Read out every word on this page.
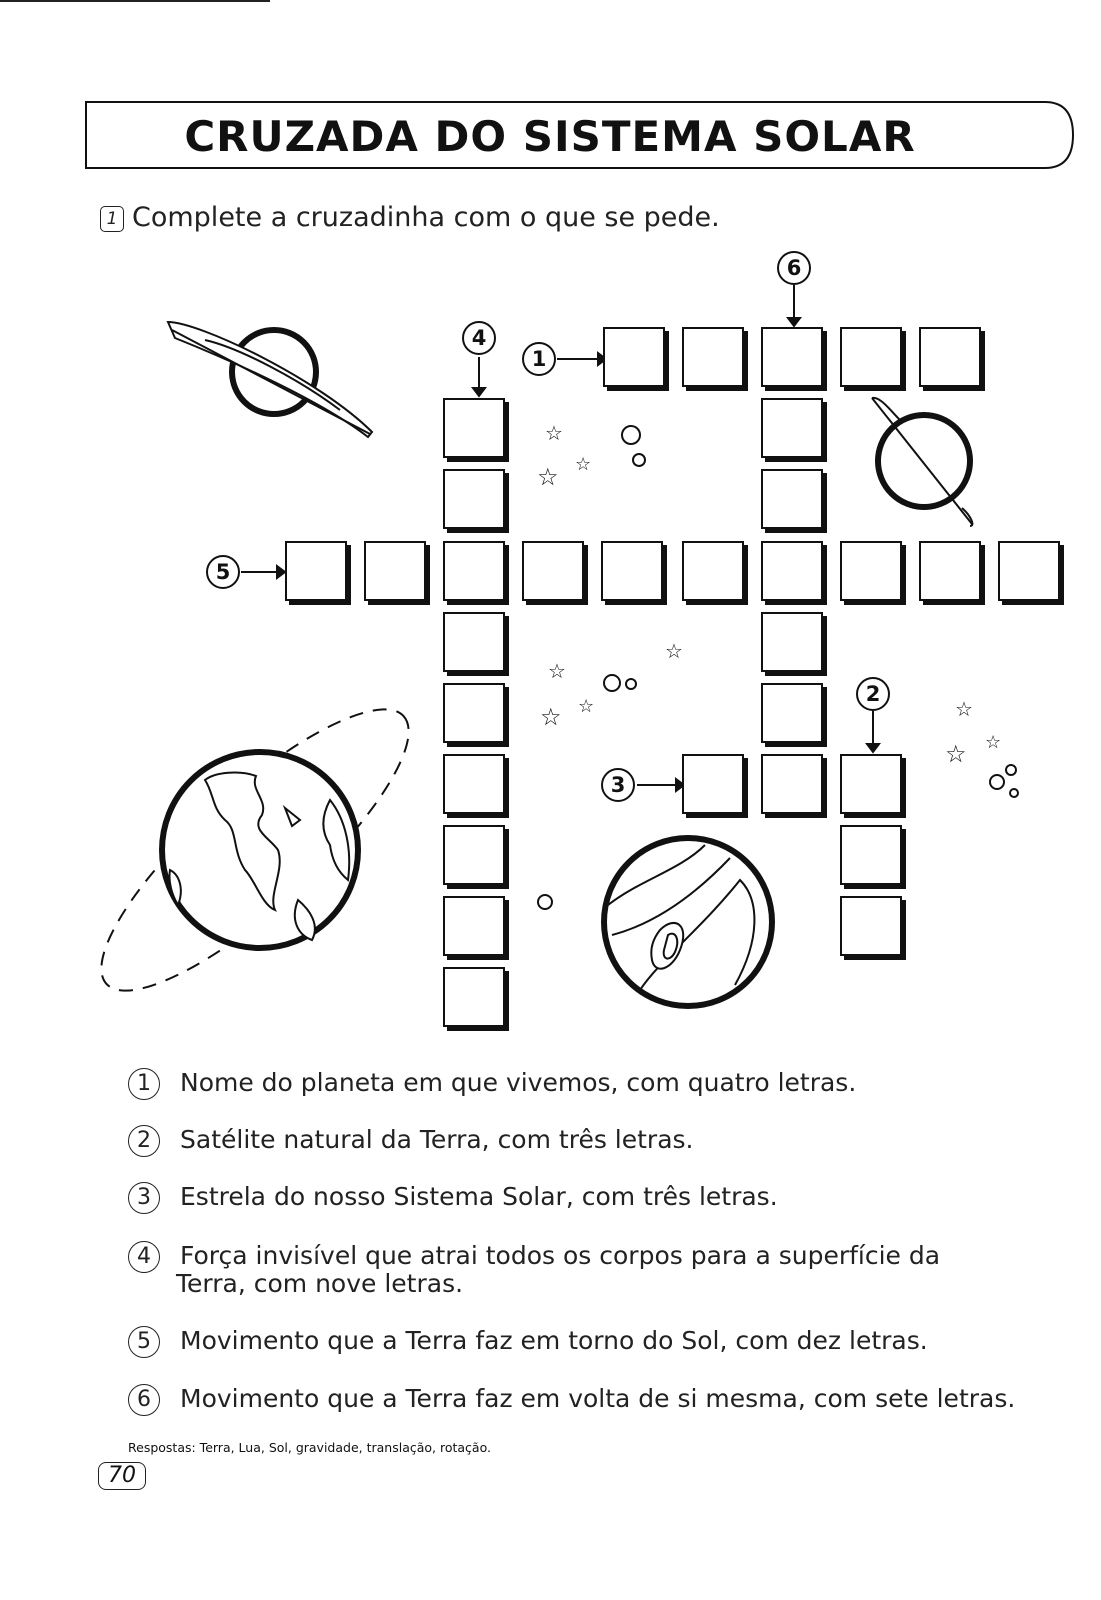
CRUZADA DO SISTEMA SOLAR
1 Complete a cruzadinha com o que se pede.
☆
☆
☆
☆
☆
☆
☆	☆
☆
☆
1
2
3
4
5
6
1	Nome do planeta em que vivemos, com quatro letras.
2	Satélite natural da Terra, com três letras.
3	Estrela do nosso Sistema Solar, com três letras.
4	Força invisível que atrai todos os corpos para a superfície da
Terra, com nove letras.
5	Movimento que a Terra faz em torno do Sol, com dez letras.
6	Movimento que a Terra faz em volta de si mesma, com sete letras.
Respostas: Terra, Lua, Sol, gravidade, translação, rotação.
70
